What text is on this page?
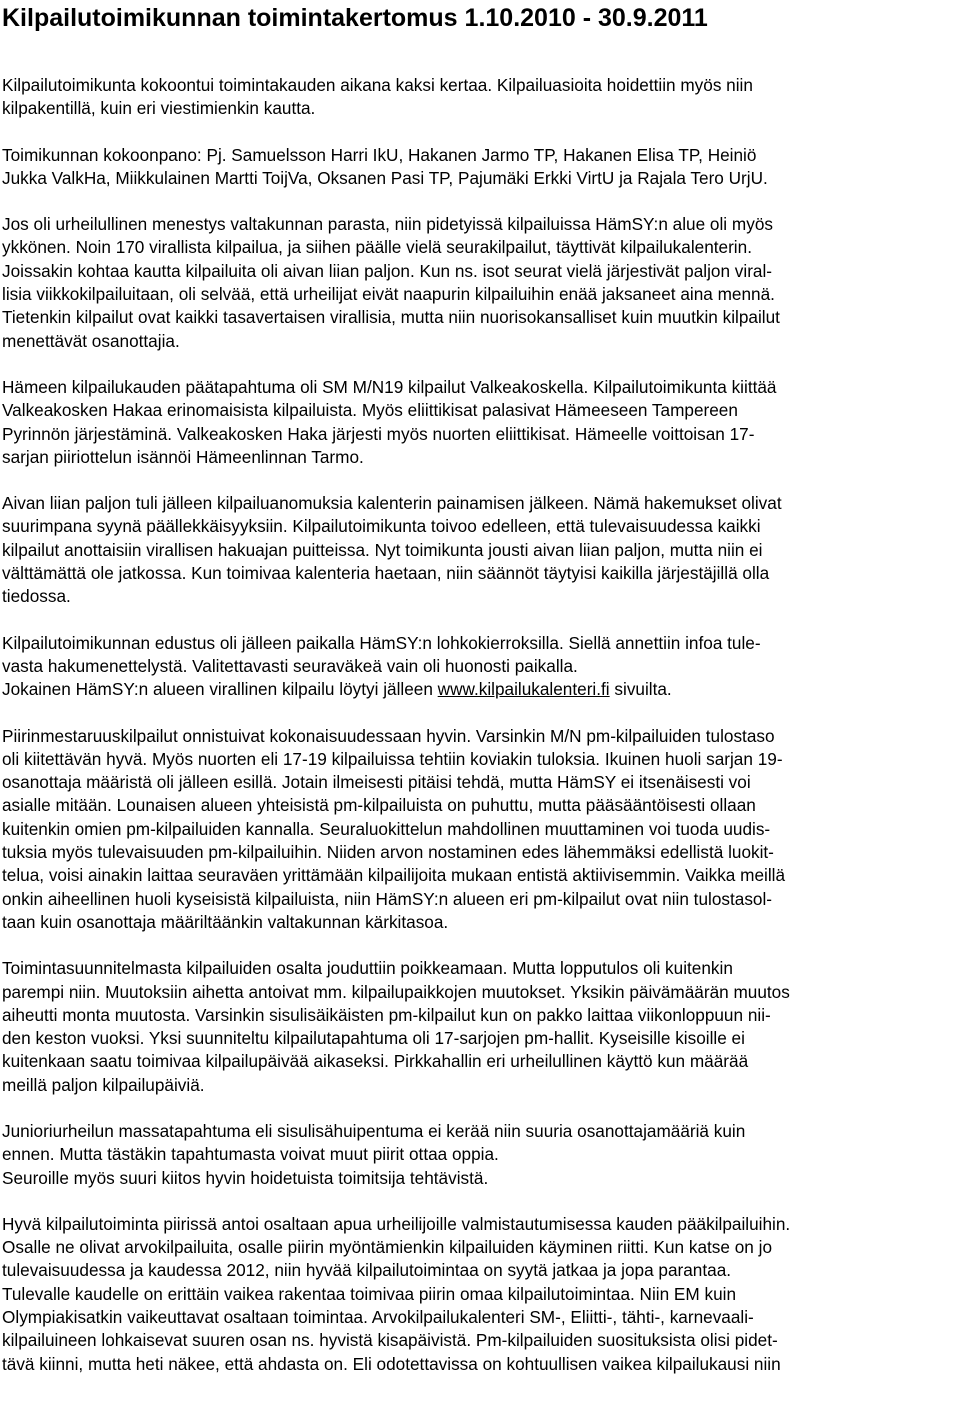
Kilpailutoimikunnan toimintakertomus 1.10.2010 - 30.9.2011

Kilpailutoimikunta kokoontui toimintakauden aikana kaksi kertaa. Kilpailuasioita hoidettiin myös niin
kilpakentillä, kuin eri viestimienkin kautta.

Toimikunnan kokoonpano: Pj. Samuelsson Harri IkU, Hakanen Jarmo TP, Hakanen Elisa TP, Heiniö
Jukka ValkHa, Miikkulainen Martti ToijVa, Oksanen Pasi TP, Pajumäki Erkki VirtU ja Rajala Tero UrjU.

Jos oli urheilullinen menestys valtakunnan parasta, niin pidetyissä kilpailuissa HämSY:n alue oli myös
ykkönen. Noin 170 virallista kilpailua, ja siihen päälle vielä seurakilpailut, täyttivät kilpailukalenterin.
Joissakin kohtaa kautta kilpailuita oli aivan liian paljon. Kun ns. isot seurat vielä järjestivät paljon viral-
lisia viikkokilpailuitaan, oli selvää, että urheilijat eivät naapurin kilpailuihin enää jaksaneet aina mennä.
Tietenkin kilpailut ovat kaikki tasavertaisen virallisia, mutta niin nuorisokansalliset kuin muutkin kilpailut
menettävät osanottajia.

Hämeen kilpailukauden päätapahtuma oli SM M/N19 kilpailut Valkeakoskella. Kilpailutoimikunta kiittää
Valkeakosken Hakaa erinomaisista kilpailuista. Myös eliittikisat palasivat Hämeeseen Tampereen
Pyrinnön järjestäminä. Valkeakosken Haka järjesti myös nuorten eliittikisat. Hämeelle voittoisan 17-
sarjan piiriottelun isännöi Hämeenlinnan Tarmo.

Aivan liian paljon tuli jälleen kilpailuanomuksia kalenterin painamisen jälkeen. Nämä hakemukset olivat
suurimpana syynä päällekkäisyyksiin. Kilpailutoimikunta toivoo edelleen, että tulevaisuudessa kaikki
kilpailut anottaisiin virallisen hakuajan puitteissa. Nyt toimikunta jousti aivan liian paljon, mutta niin ei
välttämättä ole jatkossa. Kun toimivaa kalenteria haetaan, niin säännöt täytyisi kaikilla järjestäjillä olla
tiedossa.

Kilpailutoimikunnan edustus oli jälleen paikalla HämSY:n lohkokierroksilla. Siellä annettiin infoa tule-
vasta hakumenettelystä. Valitettavasti seuraväkeä vain oli huonosti paikalla.
Jokainen HämSY:n alueen virallinen kilpailu löytyi jälleen www.kilpailukalenteri.fi sivuilta.

Piirinmestaruuskilpailut onnistuivat kokonaisuudessaan hyvin. Varsinkin M/N pm-kilpailuiden tulostaso
oli kiitettävän hyvä. Myös nuorten eli 17-19 kilpailuissa tehtiin koviakin tuloksia. Ikuinen huoli sarjan 19-
osanottaja määristä oli jälleen esillä. Jotain ilmeisesti pitäisi tehdä, mutta HämSY ei itsenäisesti voi
asialle mitään. Lounaisen alueen yhteisistä pm-kilpailuista on puhuttu, mutta pääsääntöisesti ollaan
kuitenkin omien pm-kilpailuiden kannalla. Seuraluokittelun mahdollinen muuttaminen voi tuoda uudis-
tuksia myös tulevaisuuden pm-kilpailuihin. Niiden arvon nostaminen edes lähemmäksi edellistä luokit-
telua, voisi ainakin laittaa seuraväen yrittämään kilpailijoita mukaan entistä aktiivisemmin. Vaikka meillä
onkin aiheellinen huoli kyseisistä kilpailuista, niin HämSY:n alueen eri pm-kilpailut ovat niin tulostasol-
taan kuin osanottaja määriltäänkin valtakunnan kärkitasoa.

Toimintasuunnitelmasta kilpailuiden osalta jouduttiin poikkeamaan. Mutta lopputulos oli kuitenkin
parempi niin. Muutoksiin aihetta antoivat mm. kilpailupaikkojen muutokset. Yksikin päivämäärän muutos
aiheutti monta muutosta. Varsinkin sisulisäikäisten pm-kilpailut kun on pakko laittaa viikonloppuun nii-
den keston vuoksi. Yksi suunniteltu kilpailutapahtuma oli 17-sarjojen pm-hallit. Kyseisille kisoille ei
kuitenkaan saatu toimivaa kilpailupäivää aikaseksi. Pirkkahallin eri urheilullinen käyttö kun määrää
meillä paljon kilpailupäiviä.

Junioriurheilun massatapahtuma eli sisulisähuipentuma ei kerää niin suuria osanottajamääriä kuin
ennen. Mutta tästäkin tapahtumasta voivat muut piirit ottaa oppia.
Seuroille myös suuri kiitos hyvin hoidetuista toimitsija tehtävistä.

Hyvä kilpailutoiminta piirissä antoi osaltaan apua urheilijoille valmistautumisessa kauden pääkilpailuihin.
Osalle ne olivat arvokilpailuita, osalle piirin myöntämienkin kilpailuiden käyminen riitti. Kun katse on jo
tulevaisuudessa ja kaudessa 2012, niin hyvää kilpailutoimintaa on syytä jatkaa ja jopa parantaa.
Tulevalle kaudelle on erittäin vaikea rakentaa toimivaa piirin omaa kilpailutoimintaa. Niin EM kuin
Olympiakisatkin vaikeuttavat osaltaan toimintaa. Arvokilpailukalenteri SM-, Eliitti-, tähti-, karnevaali-
kilpailuineen lohkaisevat suuren osan ns. hyvistä kisapäivistä. Pm-kilpailuiden suosituksista olisi pidet-
tävä kiinni, mutta heti näkee, että ahdasta on. Eli odotettavissa on kohtuullisen vaikea kilpailukausi niin
